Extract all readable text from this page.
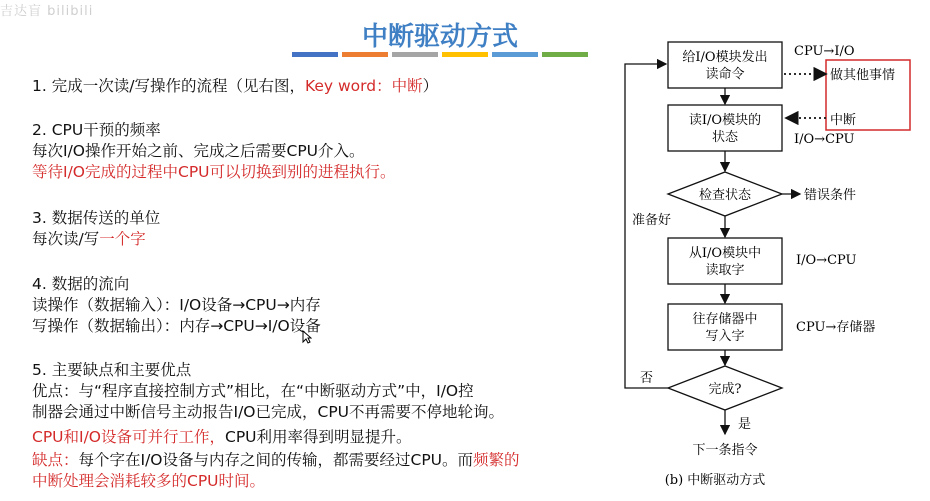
吉达盲 bilibili
中断驱动方式
1. 完成一次读/写操作的流程（见右图，Key word：中断）
2. CPU干预的频率
每次I/O操作开始之前、完成之后需要CPU介入。
等待I/O完成的过程中CPU可以切换到别的进程执行。
3. 数据传送的单位
每次读/写一个字
4. 数据的流向
读操作（数据输入）：I/O设备→CPU→内存
写操作（数据输出）：内存→CPU→I/O设备
5. 主要缺点和主要优点
优点：与“程序直接控制方式”相比，在“中断驱动方式”中，I/O控
制器会通过中断信号主动报告I/O已完成，CPU不再需要不停地轮询。
CPU和I/O设备可并行工作，CPU利用率得到明显提升。
缺点：每个字在I/O设备与内存之间的传输，都需要经过CPU。而频繁的
中断处理会消耗较多的CPU时间。
给I/O模块发出
读命令
读I/O模块的
状态
CPU→I/O
做其他事情
中断
I/O→CPU
检查状态	错误条件
准备好
从I/O模块中
读取字
I/O→CPU
往存储器中
写入字
CPU→存储器
完成?
否
是
下一条指令
(b) 中断驱动方式
